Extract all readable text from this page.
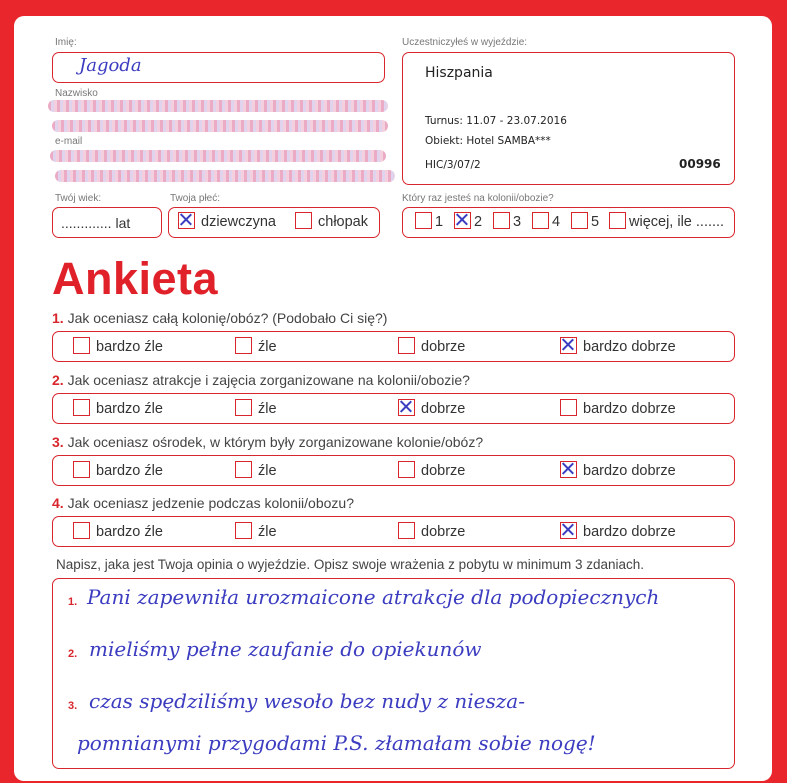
Imię:
Jagoda
Nazwisko
e-mail
Uczestniczyłeś w wyjeździe:
Hiszpania
Turnus: 11.07 - 23.07.2016
Obiekt: Hotel SAMBA***
HIC/3/07/2	00996
Twój wiek:
............. lat
Twoja płeć:
dziewczyna	chłopak
Który raz jesteś na kolonii/obozie?
1	2	3	4	5	więcej, ile .......
Ankieta
1. Jak oceniasz całą kolonię/obóz? (Podobało Ci się?)
bardzo źle	źle	dobrze	bardzo dobrze
2. Jak oceniasz atrakcje i zajęcia zorganizowane na kolonii/obozie?
bardzo źle	źle	dobrze	bardzo dobrze
3. Jak oceniasz ośrodek, w którym były zorganizowane kolonie/obóz?
bardzo źle	źle	dobrze	bardzo dobrze
4. Jak oceniasz jedzenie podczas kolonii/obozu?
bardzo źle	źle	dobrze	bardzo dobrze
Napisz, jaka jest Twoja opinia o wyjeździe. Opisz swoje wrażenia z pobytu w minimum 3 zdaniach.
1.
2.
3.
Pani zapewniła urozmaicone atrakcje dla podopiecznych
mieliśmy pełne zaufanie do opiekunów
czas spędziliśmy wesoło bez nudy z niesza-
pomnianymi przygodami P.S. złamałam sobie nogę!
